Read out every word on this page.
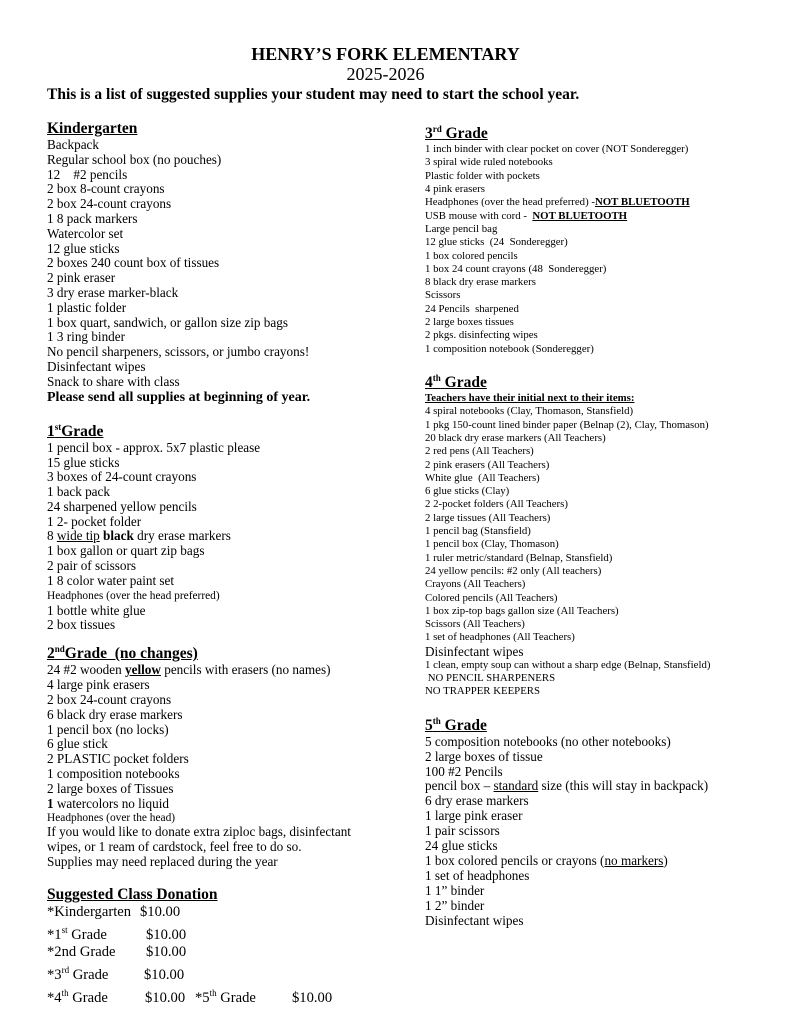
HENRY’S FORK ELEMENTARY
2025-2026
This is a list of suggested supplies your student may need to start the school year.
Kindergarten
Backpack
Regular school box (no pouches)
12    #2 pencils
2 box 8-count crayons
2 box 24-count crayons
1 8 pack markers
Watercolor set
12 glue sticks
2 boxes 240 count box of tissues
2 pink eraser
3 dry erase marker-black
1 plastic folder
1 box quart, sandwich, or gallon size zip bags
1 3 ring binder
No pencil sharpeners, scissors, or jumbo crayons!
Disinfectant wipes
Snack to share with class
Please send all supplies at beginning of year.
1stGrade
1 pencil box - approx. 5x7 plastic please
15 glue sticks
3 boxes of 24-count crayons
1 back pack
24 sharpened yellow pencils
1 2- pocket folder
8 wide tip black dry erase markers
1 box gallon or quart zip bags
2 pair of scissors
1 8 color water paint set
Headphones (over the head preferred)
1 bottle white glue
2 box tissues
2ndGrade  (no changes)
24 #2 wooden yellow pencils with erasers (no names)
4 large pink erasers
2 box 24-count crayons
6 black dry erase markers
1 pencil box (no locks)
6 glue stick
2 PLASTIC pocket folders
1 composition notebooks
2 large boxes of Tissues
1 watercolors no liquid
Headphones (over the head)
If you would like to donate extra ziploc bags, disinfectant
wipes, or 1 ream of cardstock, feel free to do so.
Supplies may need replaced during the year
Suggested Class Donation
*Kindergarten $10.00
*1st Grade	$10.00
*2nd Grade $10.00
*3rd Grade $10.00
*4th Grade	$10.00 *5th Grade $10.00
3rd Grade
1 inch binder with clear pocket on cover (NOT Sonderegger)
3 spiral wide ruled notebooks
Plastic folder with pockets
4 pink erasers
Headphones (over the head preferred) -NOT BLUETOOTH
USB mouse with cord -  NOT BLUETOOTH
Large pencil bag
12 glue sticks  (24  Sonderegger)
1 box colored pencils
1 box 24 count crayons (48  Sonderegger)
8 black dry erase markers
Scissors
24 Pencils  sharpened
2 large boxes tissues
2 pkgs. disinfecting wipes
1 composition notebook (Sonderegger)
4th Grade
Teachers have their initial next to their items:
4 spiral notebooks (Clay, Thomason, Stansfield)
1 pkg 150-count lined binder paper (Belnap (2), Clay, Thomason)
20 black dry erase markers (All Teachers)
2 red pens (All Teachers)
2 pink erasers (All Teachers)
White glue  (All Teachers)
6 glue sticks (Clay)
2 2-pocket folders (All Teachers)
2 large tissues (All Teachers)
1 pencil bag (Stansfield)
1 pencil box (Clay, Thomason)
1 ruler metric/standard (Belnap, Stansfield)
24 yellow pencils: #2 only (All teachers)
Crayons (All Teachers)
Colored pencils (All Teachers)
1 box zip-top bags gallon size (All Teachers)
Scissors (All Teachers)
1 set of headphones (All Teachers)
Disinfectant wipes
1 clean, empty soup can without a sharp edge (Belnap, Stansfield)
NO PENCIL SHARPENERS
NO TRAPPER KEEPERS
5th Grade
5 composition notebooks (no other notebooks)
2 large boxes of tissue
100 #2 Pencils
pencil box – standard size (this will stay in backpack)
6 dry erase markers
1 large pink eraser
1 pair scissors
24 glue sticks
1 box colored pencils or crayons (no markers)
1 set of headphones
1 1” binder
1 2” binder
Disinfectant wipes
